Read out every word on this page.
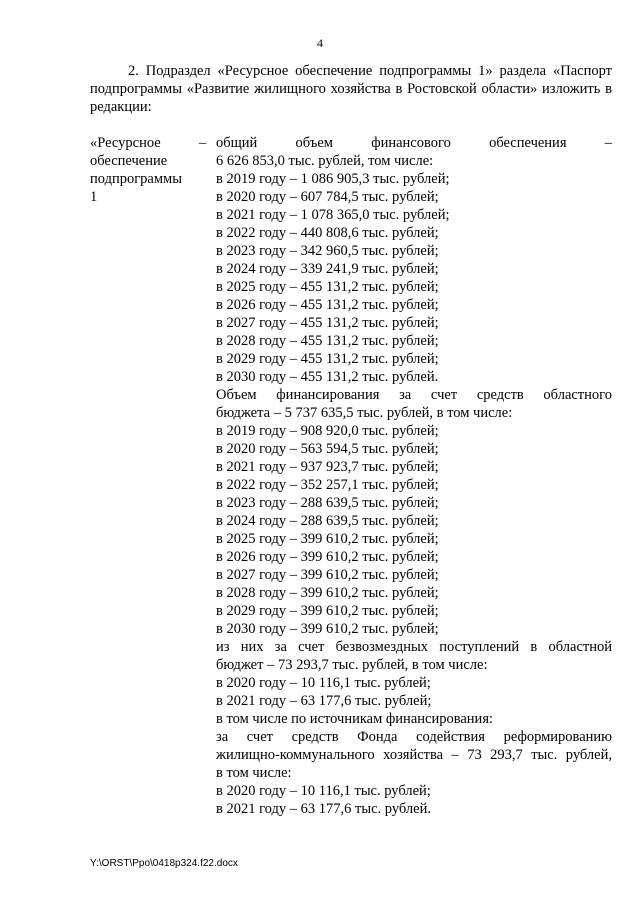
4
2. Подраздел «Ресурсное обеспечение подпрограммы 1» раздела «Паспорт подпрограммы «Развитие жилищного хозяйства в Ростовской области» изложить в редакции:
«Ресурсное
обеспечение
подпрограммы 1
– общий объем финансового обеспечения –
6 626 853,0 тыс. рублей, том числе:
в 2019 году – 1 086 905,3 тыс. рублей;
в 2020 году – 607 784,5 тыс. рублей;
в 2021 году – 1 078 365,0 тыс. рублей;
в 2022 году – 440 808,6 тыс. рублей;
в 2023 году – 342 960,5 тыс. рублей;
в 2024 году – 339 241,9 тыс. рублей;
в 2025 году – 455 131,2 тыс. рублей;
в 2026 году – 455 131,2 тыс. рублей;
в 2027 году – 455 131,2 тыс. рублей;
в 2028 году – 455 131,2 тыс. рублей;
в 2029 году – 455 131,2 тыс. рублей;
в 2030 году – 455 131,2 тыс. рублей.
Объем финансирования за счет средств областного
бюджета – 5 737 635,5 тыс. рублей, в том числе:
в 2019 году – 908 920,0 тыс. рублей;
в 2020 году – 563 594,5 тыс. рублей;
в 2021 году – 937 923,7 тыс. рублей;
в 2022 году – 352 257,1 тыс. рублей;
в 2023 году – 288 639,5 тыс. рублей;
в 2024 году – 288 639,5 тыс. рублей;
в 2025 году – 399 610,2 тыс. рублей;
в 2026 году – 399 610,2 тыс. рублей;
в 2027 году – 399 610,2 тыс. рублей;
в 2028 году – 399 610,2 тыс. рублей;
в 2029 году – 399 610,2 тыс. рублей;
в 2030 году – 399 610,2 тыс. рублей;
из них за счет безвозмездных поступлений в областной
бюджет – 73 293,7 тыс. рублей, в том числе:
в 2020 году – 10 116,1 тыс. рублей;
в 2021 году – 63 177,6 тыс. рублей;
в том числе по источникам финансирования:
за счет средств Фонда содействия реформированию
жилищно-коммунального хозяйства – 73 293,7 тыс. рублей,
в том числе:
в 2020 году – 10 116,1 тыс. рублей;
в 2021 году – 63 177,6 тыс. рублей.
Y:\ORST\Ppo\0418p324.f22.docx
